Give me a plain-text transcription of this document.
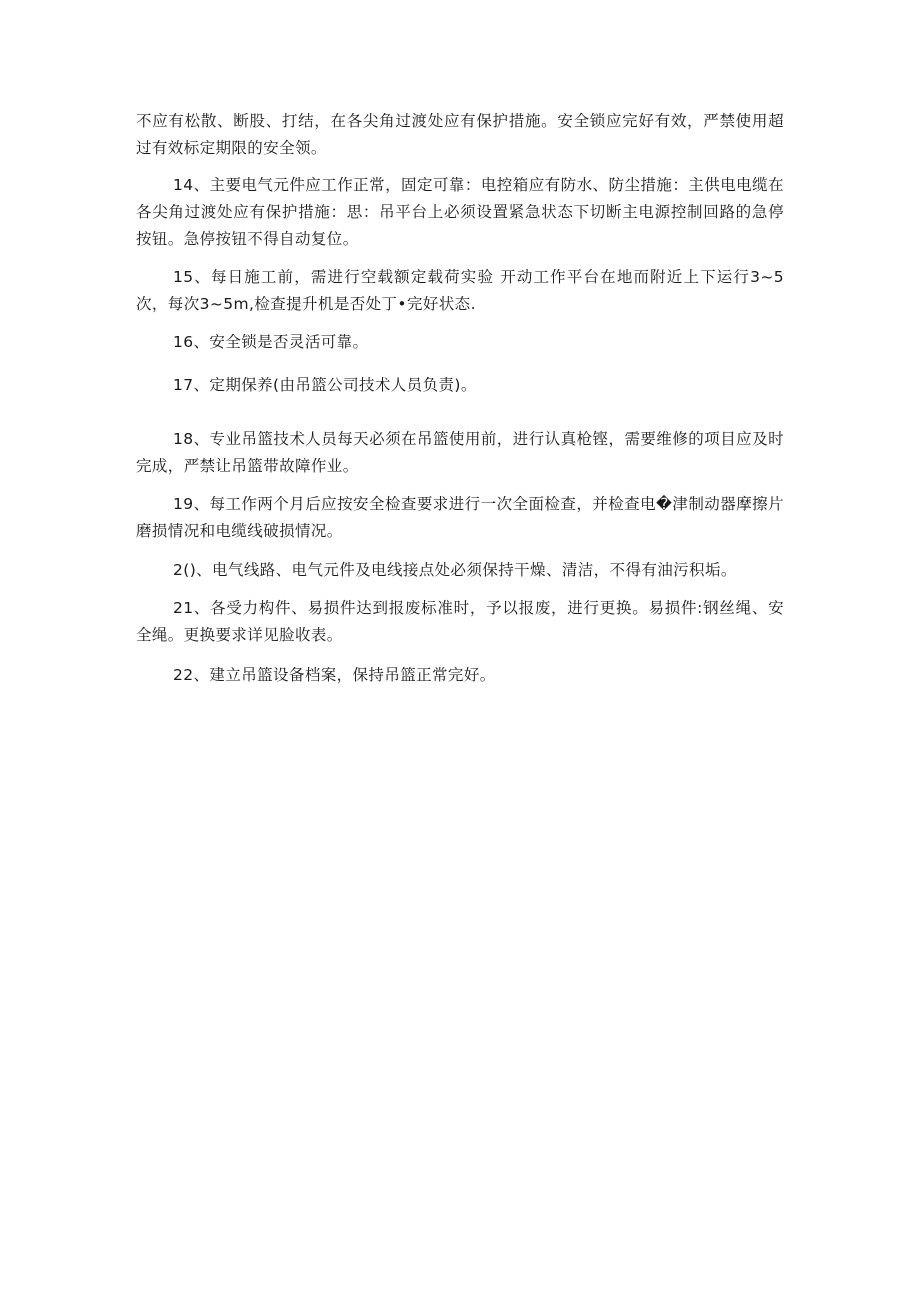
不应有松散、断股、打结，在各尖角过渡处应有保护措施。安全锁应完好有效，严禁使用超过有效标定期限的安全领。

14、主要电气元件应工作正常，固定可靠：电控箱应有防水、防尘措施：主供电电缆在各尖角过渡处应有保护措施：思：吊平台上必须设置紧急状态下切断主电源控制回路的急停按钮。急停按钮不得自动复位。

15、每日施工前，需进行空载额定载荷实验 开动工作平台在地而附近上下运行3~5次，每次3~5m,检查提升机是否处丁•完好状态.

16、安全锁是否灵活可靠。

17、定期保养(由吊篮公司技术人员负责)。

18、专业吊篮技术人员每天必须在吊篮使用前，进行认真枪铿，需要维修的项目应及时完成，严禁让吊篮带故障作业。

19、每工作两个月后应按安全检查要求进行一次全面检查，并检查电�津制动器摩擦片磨损情况和电缆线破损情况。

2()、电气线路、电气元件及电线接点处必须保持干燥、清洁，不得有油污积垢。

21、各受力构件、易损件达到报废标准时，予以报废，进行更换。易损件:钢丝绳、安全绳。更换要求详见脸收表。

22、建立吊篮设备档案，保持吊篮正常完好。
